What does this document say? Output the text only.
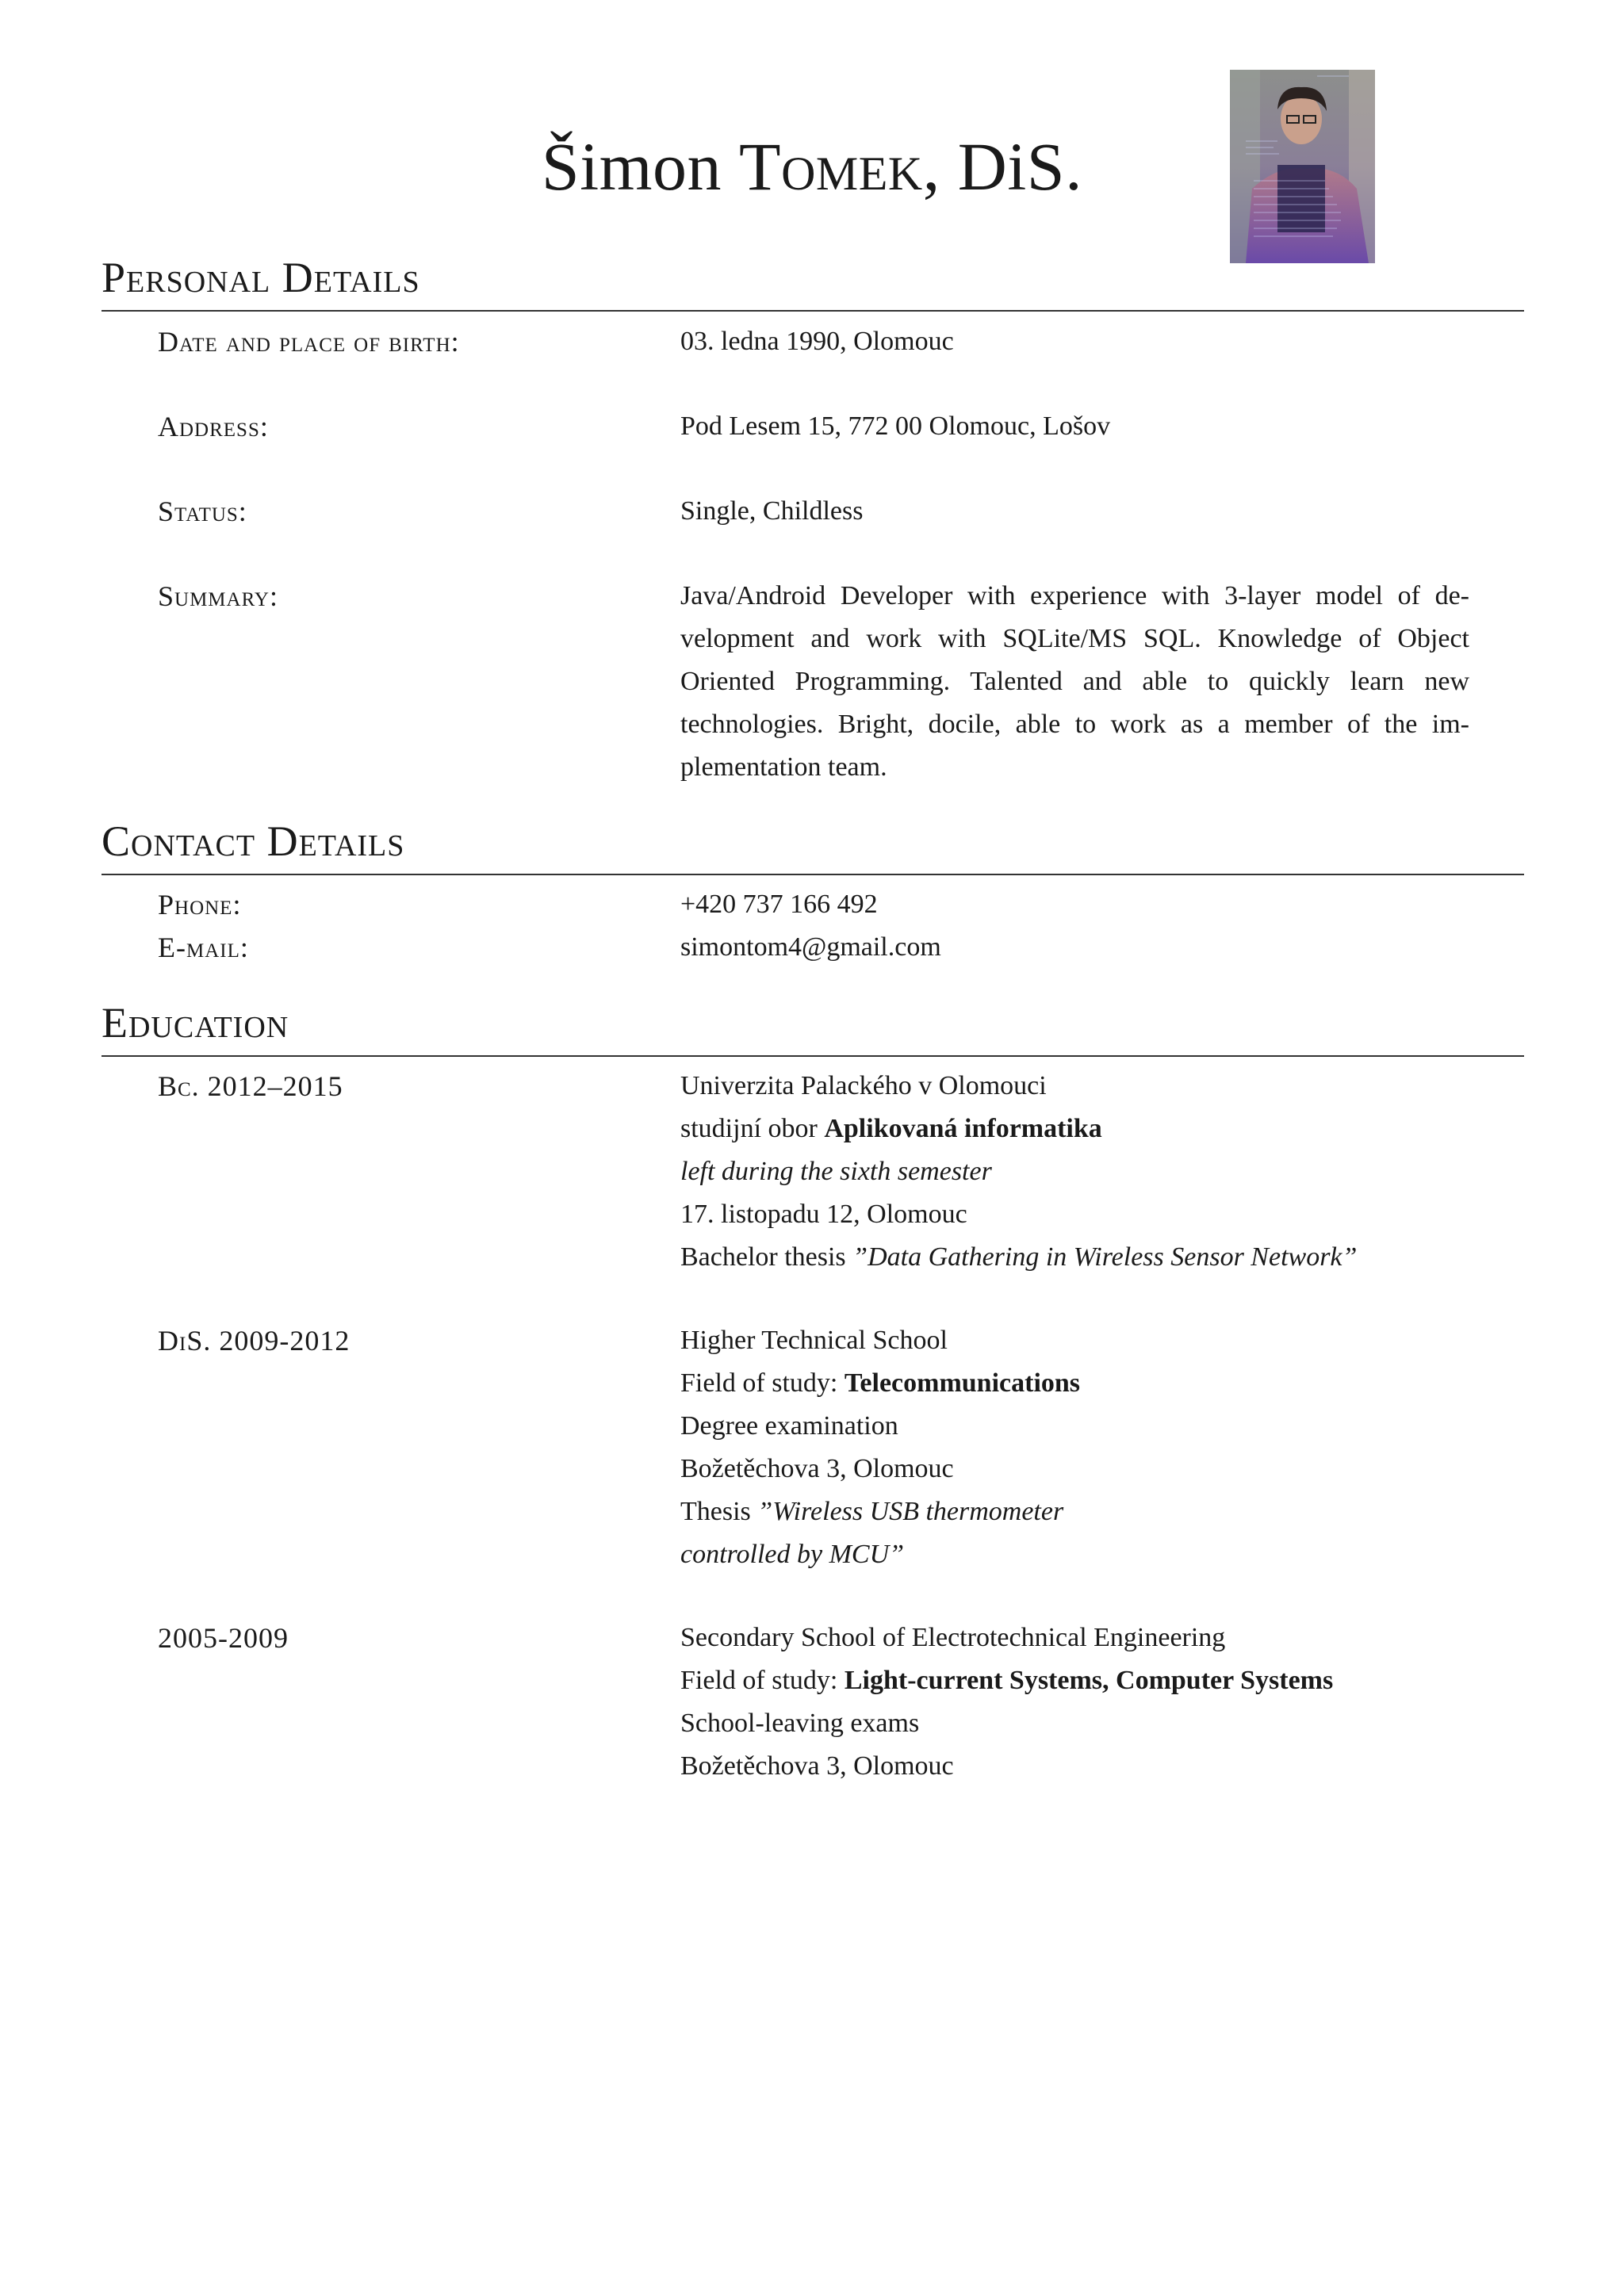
Šimon Tomek, DiS.
Personal Details
Date and place of birth:	03. ledna 1990, Olomouc
Address:	Pod Lesem 15, 772 00 Olomouc, Lošov
Status:	Single, Childless
Summary:	Java/Android Developer with experience with 3-layer model of development and work with SQLite/MS SQL. Knowledge of Object Oriented Programming. Talented and able to quickly learn new technologies. Bright, docile, able to work as a member of the implementation team.
Contact Details
Phone:	+420 737 166 492
E-mail:	simontom4@gmail.com
Education
Bc. 2012–2015	Univerzita Palackého v Olomouci
studijní obor Aplikovaná informatika
left during the sixth semester
17. listopadu 12, Olomouc
Bachelor thesis ”Data Gathering in Wireless Sensor Network”
DiS. 2009-2012	Higher Technical School
Field of study: Telecommunications
Degree examination
Božetěchova 3, Olomouc
Thesis ”Wireless USB thermometer
controlled by MCU”
2005-2009	Secondary School of Electrotechnical Engineering
Field of study: Light-current Systems, Computer Systems
School-leaving exams
Božetěchova 3, Olomouc
